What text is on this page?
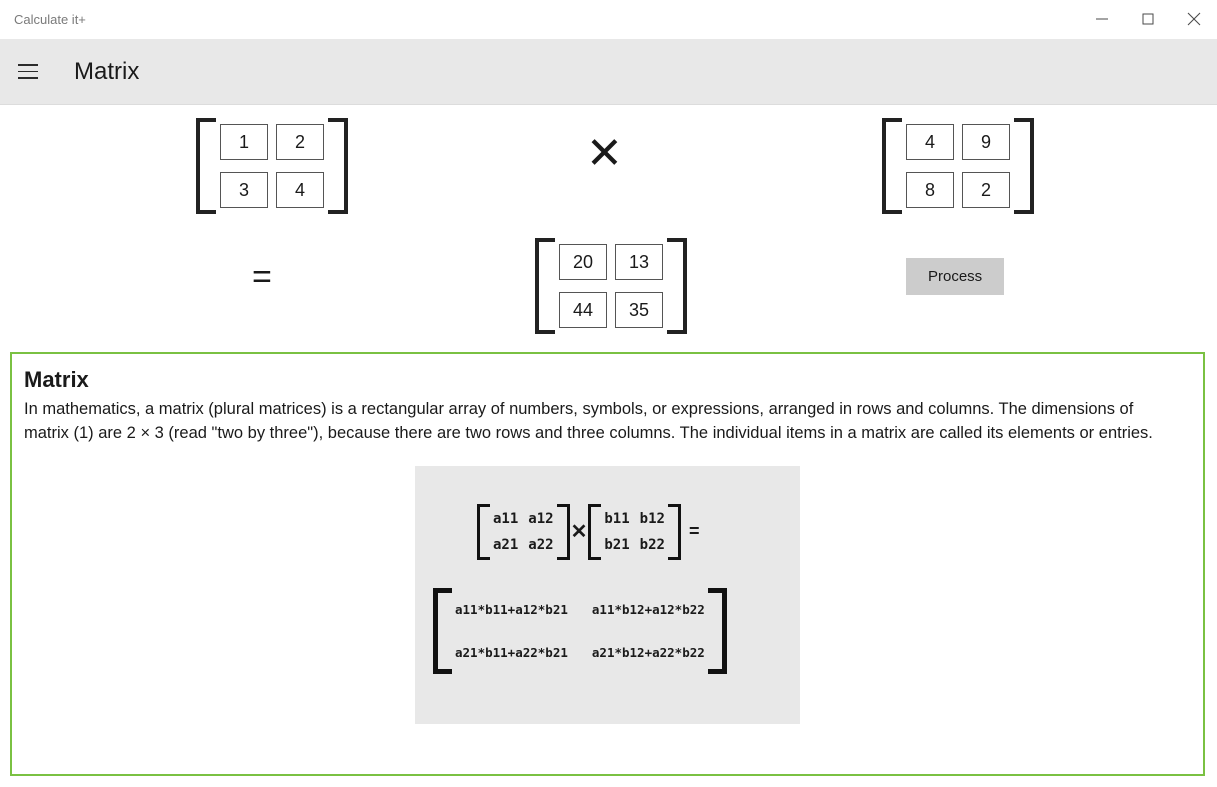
Calculate it+
Matrix
1	2
3	4
✕	4	9
8	2
=	20	13
44	35
Process
Matrix
In mathematics, a matrix (plural matrices) is a rectangular array of numbers, symbols, or expressions, arranged in rows and columns. The dimensions of matrix (1) are 2 × 3 (read "two by three"), because there are two rows and three columns. The individual items in a matrix are called its elements or entries.
a11 a12
a21 a22
✕
b11 b12
b21 b22
=
a11*b11+a12*b21 a11*b12+a12*b22
a21*b11+a22*b21 a21*b12+a22*b22
